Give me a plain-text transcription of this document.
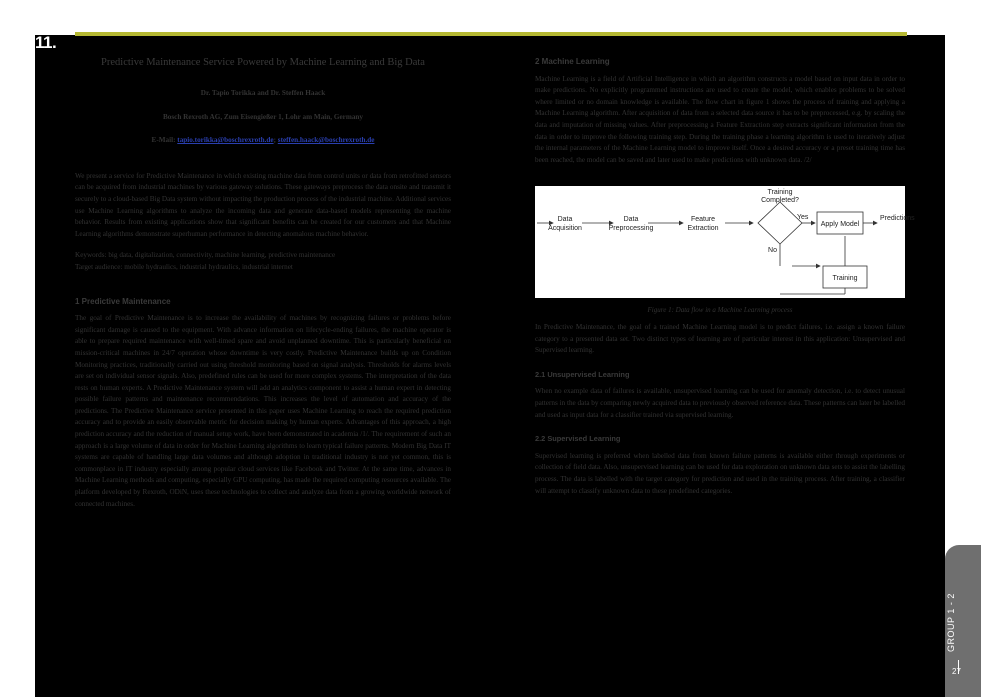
11.
Predictive Maintenance Service Powered by Machine Learning and Big Data
Dr. Tapio Torikka and Dr. Steffen Haack
Bosch Rexroth AG, Zum Eisengießer 1, Lohr am Main, Germany
E-Mail: tapio.torikka@boschrexroth.de; steffen.haack@boschrexroth.de
We present a service for Predictive Maintenance in which existing machine data from control units or data from retrofitted sensors can be acquired from industrial machines by various gateway solutions. These gateways preprocess the data onsite and transmit it securely to a cloud-based Big Data system without impacting the production process of the industrial machine. Additional services use Machine Learning algorithms to analyze the incoming data and generate data-based models representing the machine behavior. Results from existing applications show that significant benefits can be created for our customers and that Machine Learning algorithms demonstrate superhuman performance in detecting anomalous machine behavior.
Keywords: big data, digitalization, connectivity, machine learning, predictive maintenance
Target audience: mobile hydraulics, industrial hydraulics, industrial internet
1 Predictive Maintenance

The goal of Predictive Maintenance is to increase the availability of machines by recognizing failures or problems before significant damage is caused to the equipment. With advance information on lifecycle-ending failures, the machine operator is able to prepare required maintenance with well-timed spare and avoid unplanned downtime. This is particularly beneficial on mission-critical machines in 24/7 operation whose downtime is very costly. Predictive Maintenance builds up on Condition Monitoring practices, traditionally carried out using threshold monitoring based on signal analysis. Thresholds for alarms levels are set on individual sensor signals. Also, predefined rules can be used for more complex systems. The interpretation of the data rests on human experts. A Predictive Maintenance system will add an analytics component to assist a human expert in detecting possible failure patterns and maintenance recommendations. This increases the level of automation and accuracy of the predictions. The Predictive Maintenance service presented in this paper uses Machine Learning to reach the required prediction accuracy and to provide an easily observable metric for decision making by human experts. Advantages of this approach, a high prediction accuracy and the reduction of manual setup work, have been demonstrated in academia /1/. The requirement of such an approach is a large volume of data in order for Machine Learning algorithms to learn typical failure patterns. Modern Big Data IT systems are capable of handling large data volumes and although adoption in traditional industry is not yet common, this is commonplace in IT industry especially among popular cloud services like Facebook and Twitter. At the same time, advances in Machine Learning methods and computing, especially GPU computing, has made the required computing resources available. The platform developed by Rexroth, ODiN, uses these technologies to collect and analyze data from a growing worldwide network of connected machines.

2 Machine Learning

Machine Learning is a field of Artificial Intelligence in which an algorithm constructs a model based on input data in order to make predictions. No explicitly programmed instructions are used to create the model, which enables problems to be solved where limited or no domain knowledge is available. The flow chart in figure 1 shows the process of training and applying a Machine Learning algorithm. After acquisition of data from a selected data source it has to be preprocessed, e.g. by scaling the data and imputation of missing values. After preprocessing a Feature Extraction step extracts significant information from the data in order to improve the following training step. During the training phase a learning algorithm is used to iteratively adjust the internal parameters of the Machine Learning model to improve itself. Once a desired accuracy or a preset training time has been reached, the model can be saved and later used to make predictions with unknown data. /2/

Data
Acquisition
Data
Preprocessing
Feature
Extraction
Training
Completed?
Yes
No
Apply Model
Predictions
Training
Figure 1: Data flow in a Machine Learning process

In Predictive Maintenance, the goal of a trained Machine Learning model is to predict failures, i.e. assign a known failure category to a presented data set. Two distinct types of learning are of particular interest in this application: Unsupervised and Supervised learning.

2.1 Unsupervised Learning

When no example data of failures is available, unsupervised learning can be used for anomaly detection, i.e. to detect unusual patterns in the data by comparing newly acquired data to previously observed reference data. These patterns can later be labelled and used as input data for a classifier trained via supervised learning.

2.2 Supervised Learning

Supervised learning is preferred when labelled data from known failure patterns is available either through experiments or collection of field data. Also, unsupervised learning can be used for data exploration on unknown data sets to assist the labelling process. The data is labelled with the target category for prediction and used in the training process. After training, a classifier will attempt to classify unknown data to these predefined categories.

GROUP 1 - 2
27
